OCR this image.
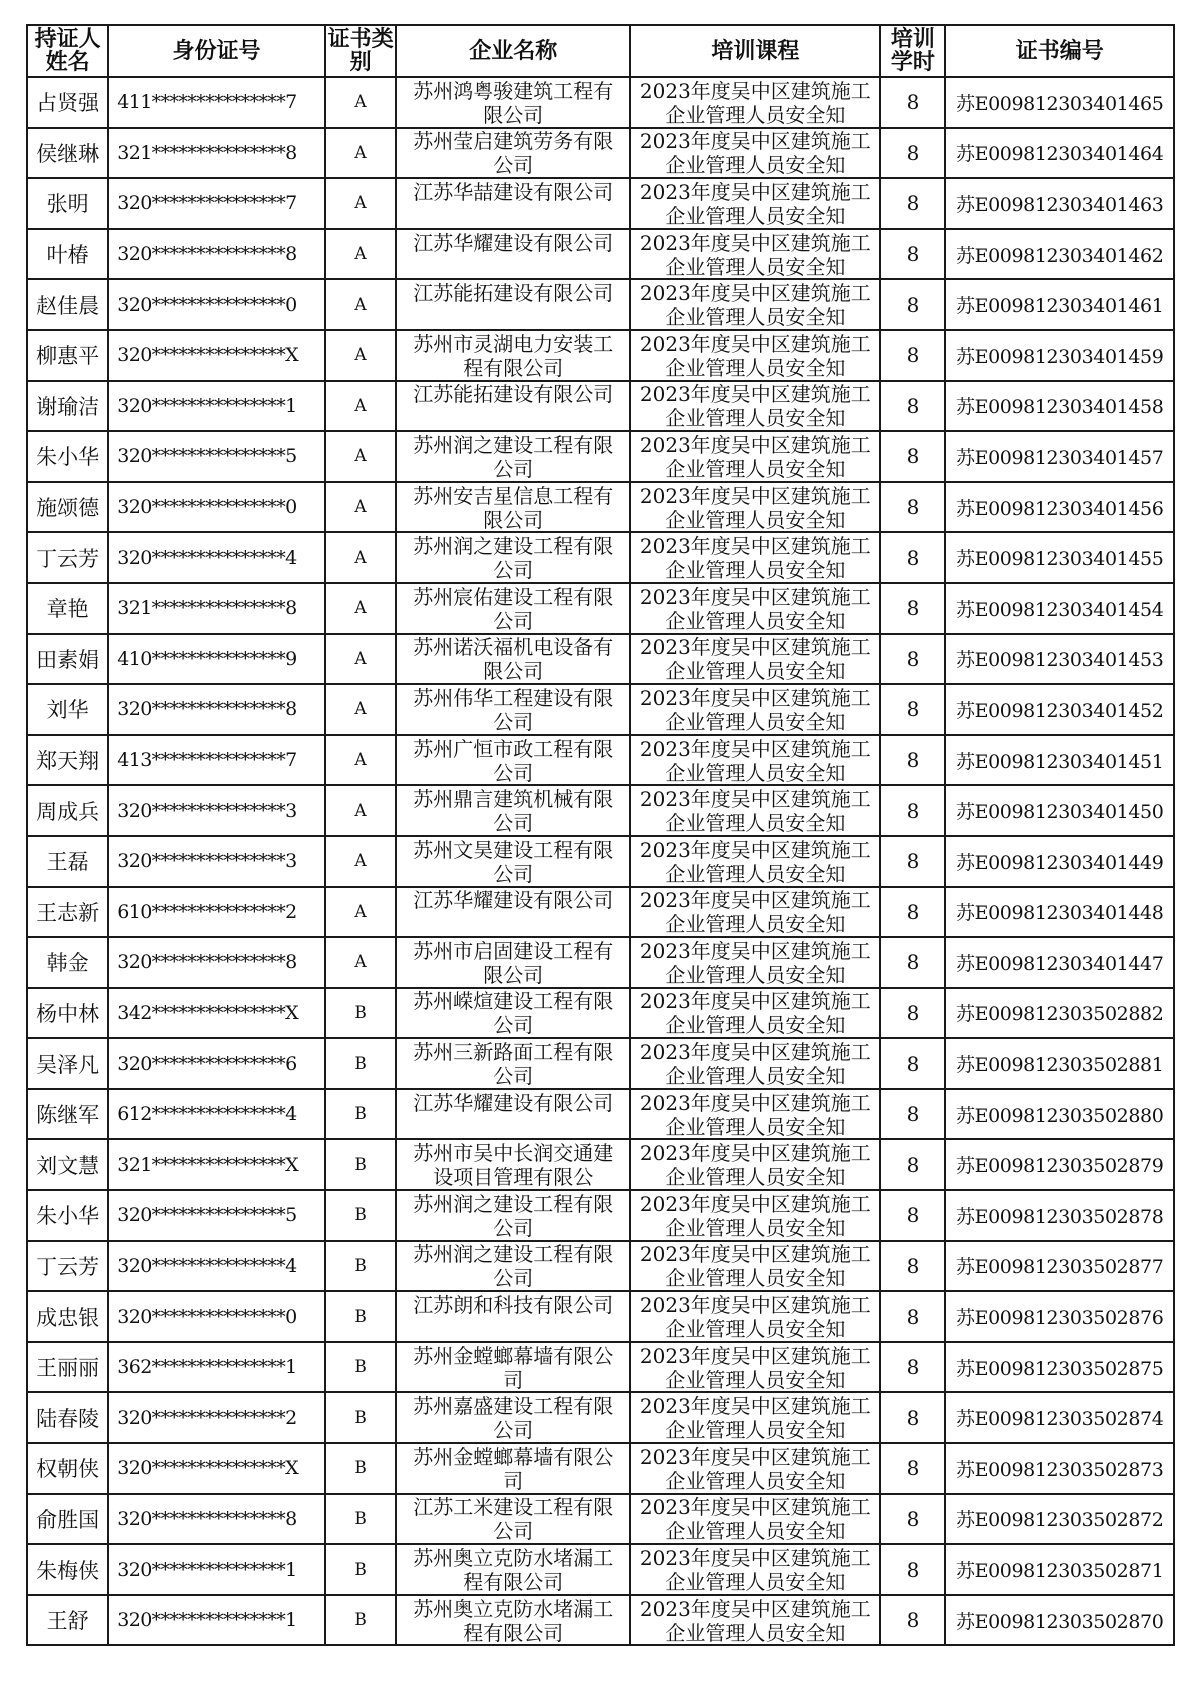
持证人姓名	身份证号	证书类别	企业名称	培训课程	培训学时	证书编号

占贤强	411***************7	A	苏州鸿粤骏建筑工程有限公司	2023年度吴中区建筑施工企业管理人员安全知	8	苏E009812303401465
侯继琳	321***************8	A	苏州莹启建筑劳务有限公司	2023年度吴中区建筑施工企业管理人员安全知	8	苏E009812303401464
张明	320***************7	A	江苏华喆建设有限公司	2023年度吴中区建筑施工企业管理人员安全知	8	苏E009812303401463
叶椿	320***************8	A	江苏华耀建设有限公司	2023年度吴中区建筑施工企业管理人员安全知	8	苏E009812303401462
赵佳晨	320***************0	A	江苏能拓建设有限公司	2023年度吴中区建筑施工企业管理人员安全知	8	苏E009812303401461
柳惠平	320***************X	A	苏州市灵湖电力安装工程有限公司	2023年度吴中区建筑施工企业管理人员安全知	8	苏E009812303401459
谢瑜洁	320***************1	A	江苏能拓建设有限公司	2023年度吴中区建筑施工企业管理人员安全知	8	苏E009812303401458
朱小华	320***************5	A	苏州润之建设工程有限公司	2023年度吴中区建筑施工企业管理人员安全知	8	苏E009812303401457
施颂德	320***************0	A	苏州安吉星信息工程有限公司	2023年度吴中区建筑施工企业管理人员安全知	8	苏E009812303401456
丁云芳	320***************4	A	苏州润之建设工程有限公司	2023年度吴中区建筑施工企业管理人员安全知	8	苏E009812303401455
章艳	321***************8	A	苏州宸佑建设工程有限公司	2023年度吴中区建筑施工企业管理人员安全知	8	苏E009812303401454
田素娟	410***************9	A	苏州诺沃福机电设备有限公司	2023年度吴中区建筑施工企业管理人员安全知	8	苏E009812303401453
刘华	320***************8	A	苏州伟华工程建设有限公司	2023年度吴中区建筑施工企业管理人员安全知	8	苏E009812303401452
郑天翔	413***************7	A	苏州广恒市政工程有限公司	2023年度吴中区建筑施工企业管理人员安全知	8	苏E009812303401451
周成兵	320***************3	A	苏州鼎言建筑机械有限公司	2023年度吴中区建筑施工企业管理人员安全知	8	苏E009812303401450
王磊	320***************3	A	苏州文昊建设工程有限公司	2023年度吴中区建筑施工企业管理人员安全知	8	苏E009812303401449
王志新	610***************2	A	江苏华耀建设有限公司	2023年度吴中区建筑施工企业管理人员安全知	8	苏E009812303401448
韩金	320***************8	A	苏州市启固建设工程有限公司	2023年度吴中区建筑施工企业管理人员安全知	8	苏E009812303401447
杨中林	342***************X	B	苏州嵘煊建设工程有限公司	2023年度吴中区建筑施工企业管理人员安全知	8	苏E009812303502882
吴泽凡	320***************6	B	苏州三新路面工程有限公司	2023年度吴中区建筑施工企业管理人员安全知	8	苏E009812303502881
陈继军	612***************4	B	江苏华耀建设有限公司	2023年度吴中区建筑施工企业管理人员安全知	8	苏E009812303502880
刘文慧	321***************X	B	苏州市吴中长润交通建设项目管理有限公	2023年度吴中区建筑施工企业管理人员安全知	8	苏E009812303502879
朱小华	320***************5	B	苏州润之建设工程有限公司	2023年度吴中区建筑施工企业管理人员安全知	8	苏E009812303502878
丁云芳	320***************4	B	苏州润之建设工程有限公司	2023年度吴中区建筑施工企业管理人员安全知	8	苏E009812303502877
成忠银	320***************0	B	江苏朗和科技有限公司	2023年度吴中区建筑施工企业管理人员安全知	8	苏E009812303502876
王丽丽	362***************1	B	苏州金螳螂幕墙有限公司	2023年度吴中区建筑施工企业管理人员安全知	8	苏E009812303502875
陆春陵	320***************2	B	苏州嘉盛建设工程有限公司	2023年度吴中区建筑施工企业管理人员安全知	8	苏E009812303502874
权朝侠	320***************X	B	苏州金螳螂幕墙有限公司	2023年度吴中区建筑施工企业管理人员安全知	8	苏E009812303502873
俞胜国	320***************8	B	江苏工米建设工程有限公司	2023年度吴中区建筑施工企业管理人员安全知	8	苏E009812303502872
朱梅侠	320***************1	B	苏州奥立克防水堵漏工程有限公司	2023年度吴中区建筑施工企业管理人员安全知	8	苏E009812303502871
王舒	320***************1	B	苏州奥立克防水堵漏工程有限公司	2023年度吴中区建筑施工企业管理人员安全知	8	苏E009812303502870
